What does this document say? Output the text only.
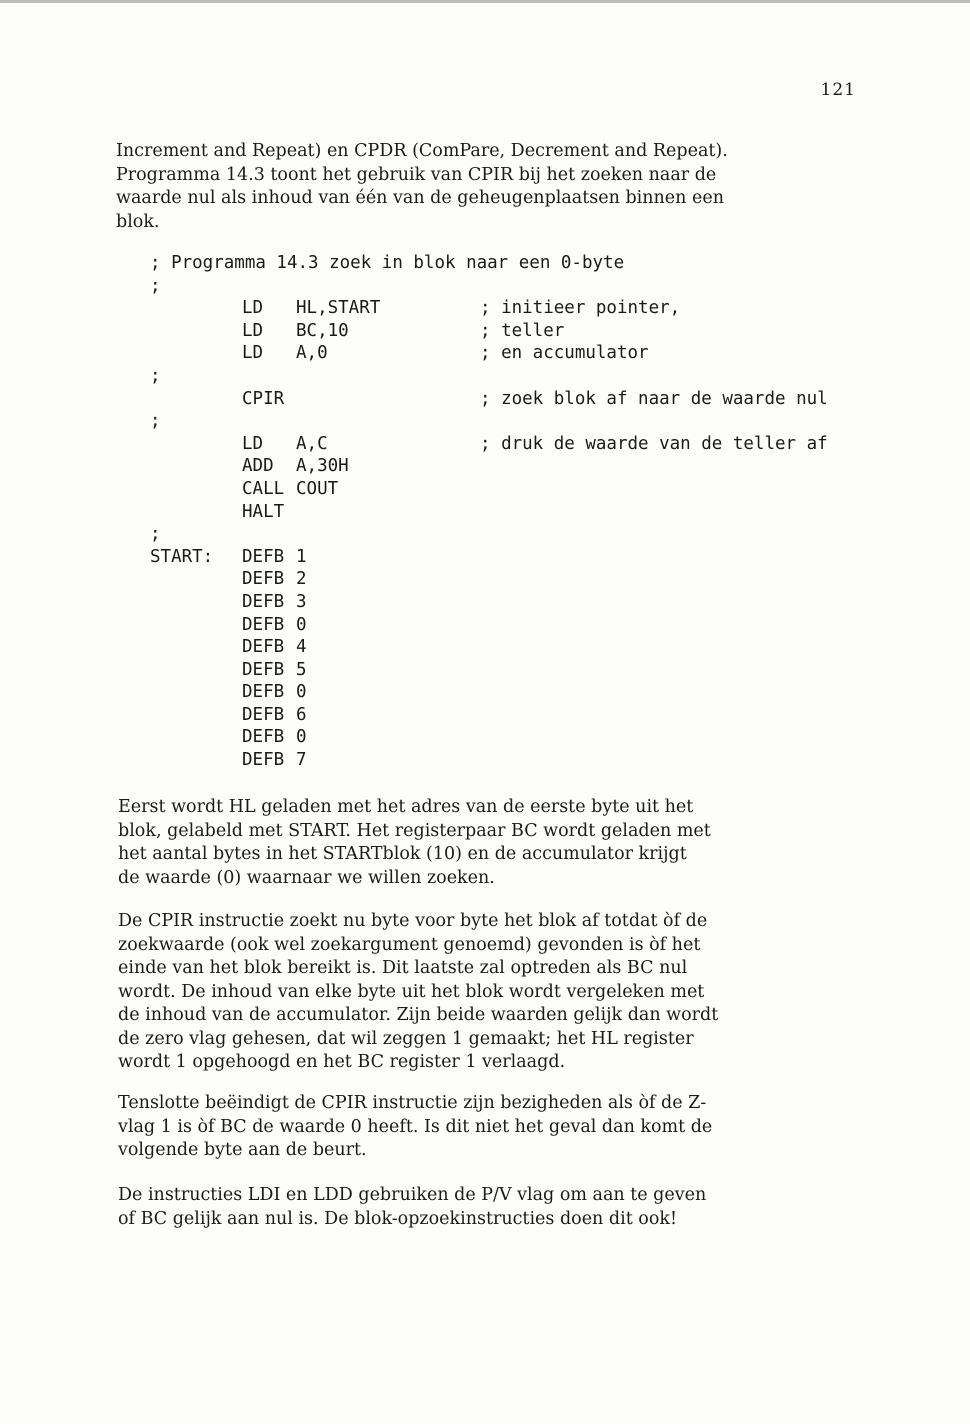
121

Increment and Repeat) en CPDR (ComPare, Decrement and Repeat).
Programma 14.3 toont het gebruik van CPIR bij het zoeken naar de
waarde nul als inhoud van één van de geheugenplaatsen binnen een
blok.

; Programma 14.3 zoek in blok naar een 0-byte
;
LD HL,START	; initieer pointer,
LD BC,10	; teller
LD A,0	; en accumulator
;
CPIR	; zoek blok af naar de waarde nul
;
LD A,C	; druk de waarde van de teller af
ADD A,30H
CALL COUT
HALT
;
START: DEFB 1
DEFB 2
DEFB 3
DEFB 0
DEFB 4
DEFB 5
DEFB 0
DEFB 6
DEFB 0
DEFB 7

Eerst wordt HL geladen met het adres van de eerste byte uit het
blok, gelabeld met START. Het registerpaar BC wordt geladen met
het aantal bytes in het STARTblok (10) en de accumulator krijgt
de waarde (0) waarnaar we willen zoeken.

De CPIR instructie zoekt nu byte voor byte het blok af totdat òf de
zoekwaarde (ook wel zoekargument genoemd) gevonden is òf het
einde van het blok bereikt is. Dit laatste zal optreden als BC nul
wordt. De inhoud van elke byte uit het blok wordt vergeleken met
de inhoud van de accumulator. Zijn beide waarden gelijk dan wordt
de zero vlag gehesen, dat wil zeggen 1 gemaakt; het HL register
wordt 1 opgehoogd en het BC register 1 verlaagd.

Tenslotte beëindigt de CPIR instructie zijn bezigheden als òf de Z-
vlag 1 is òf BC de waarde 0 heeft. Is dit niet het geval dan komt de
volgende byte aan de beurt.

De instructies LDI en LDD gebruiken de P/V vlag om aan te geven
of BC gelijk aan nul is. De blok-opzoekinstructies doen dit ook!
